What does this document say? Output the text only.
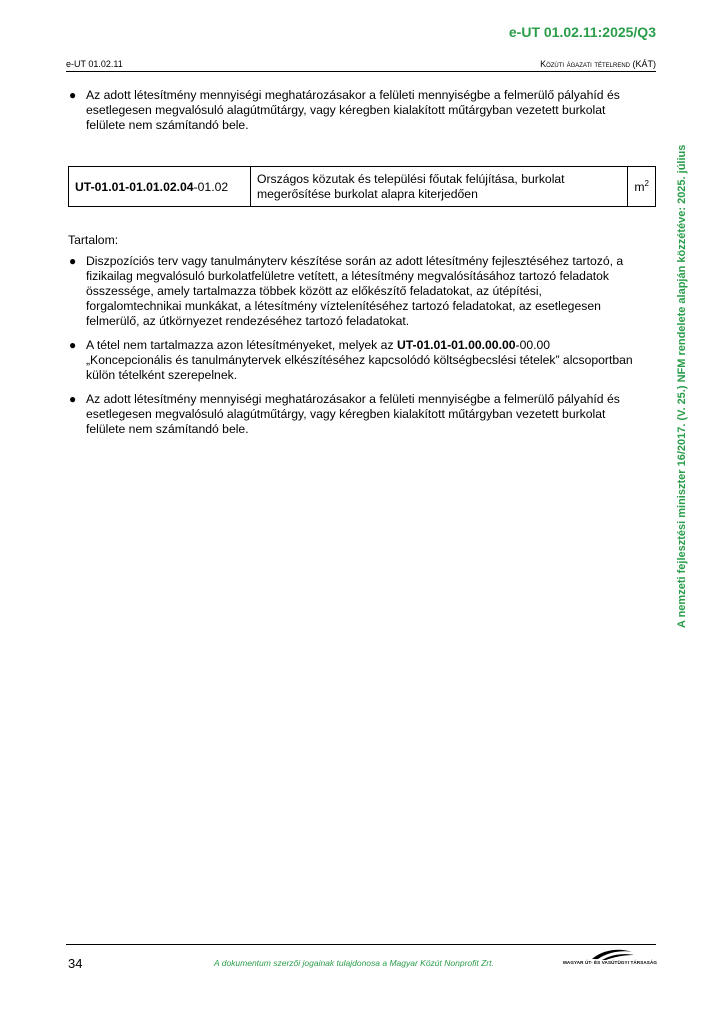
e-UT 01.02.11:2025/Q3
e-UT 01.02.11	Közúti ágazati tételrend (KÁT)
A nemzeti fejlesztési miniszter 16/2017. (V. 25.) NFM rendelete alapján közzétéve: 2025. július
● Az adott létesítmény mennyiségi meghatározásakor a felületi mennyiségbe a felmerülő pályahíd és esetlegesen megvalósuló alagútműtárgy, vagy kéregben kialakított műtárgyban vezetett burkolat felülete nem számítandó bele.
UT-01.01-01.01.02.04-01.02	Országos közutak és települési főutak felújítása, burkolat megerősítése burkolat alapra kiterjedően	$m^2$
Tartalom:
● Diszpozíciós terv vagy tanulmányterv készítése során az adott létesítmény fejlesztéséhez tartozó, a fizikailag megvalósuló burkolatfelületre vetített, a létesítmény megvalósításához tartozó feladatok összessége, amely tartalmazza többek között az előkészítő feladatokat, az útépítési, forgalomtechnikai munkákat, a létesítmény víztelenítéséhez tartozó feladatokat, az esetlegesen felmerülő, az útkörnyezet rendezéséhez tartozó feladatokat.
● A tétel nem tartalmazza azon létesítményeket, melyek az UT-01.01-01.00.00.00-00.00 „Koncepcionális és tanulmánytervek elkészítéséhez kapcsolódó költségbecslési tételek” alcsoportban külön tételként szerepelnek.
● Az adott létesítmény mennyiségi meghatározásakor a felületi mennyiségbe a felmerülő pályahíd és esetlegesen megvalósuló alagútműtárgy, vagy kéregben kialakított műtárgyban vezetett burkolat felülete nem számítandó bele.
34	A dokumentum szerzői jogainak tulajdonosa a Magyar Közút Nonprofit Zrt.	MAGYAR ÚT- ÉS VASÚTÜGYI TÁRSASÁG
